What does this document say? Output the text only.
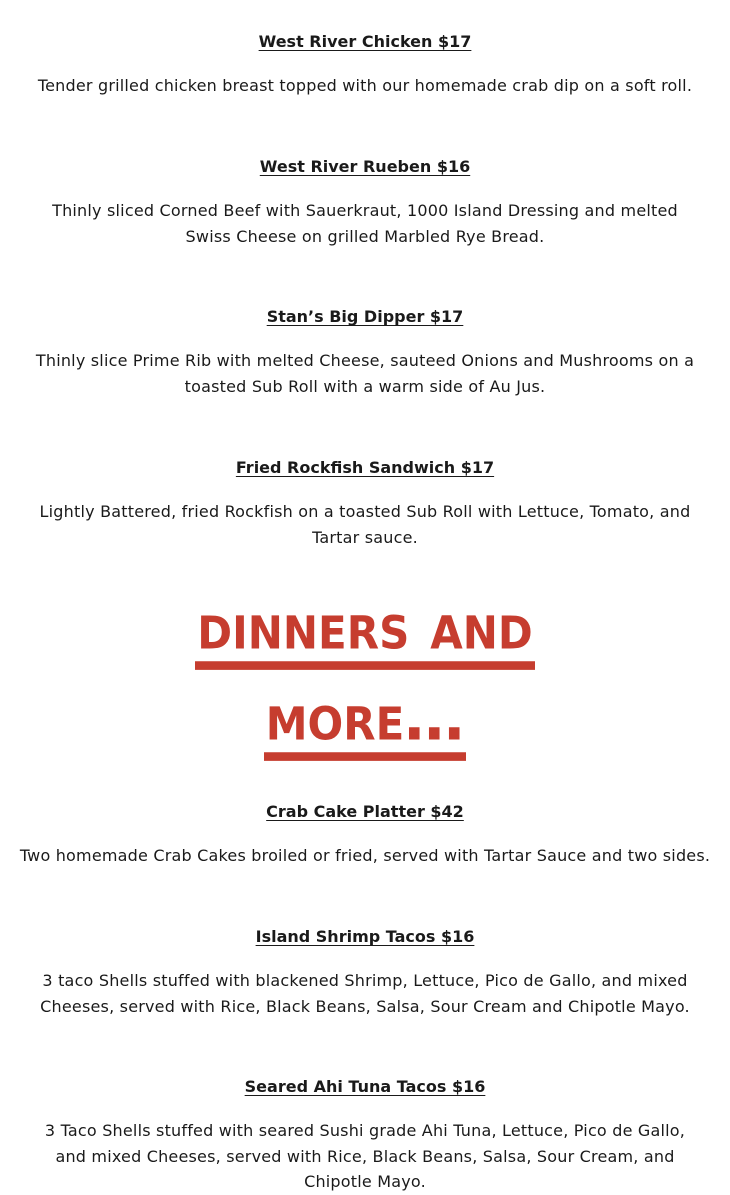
West River Chicken $17

Tender grilled chicken breast topped with our homemade crab dip on a soft roll.

West River Rueben $16

Thinly sliced Corned Beef with Sauerkraut, 1000 Island Dressing and melted Swiss Cheese on grilled Marbled Rye Bread.

Stan’s Big Dipper $17

Thinly slice Prime Rib with melted Cheese, sauteed Onions and Mushrooms on a toasted Sub Roll with a warm side of Au Jus.

Fried Rockfish Sandwich $17

Lightly Battered, fried Rockfish on a toasted Sub Roll with Lettuce, Tomato, and Tartar sauce.

dinners and
more…

Crab Cake Platter $42

Two homemade Crab Cakes broiled or fried, served with Tartar Sauce and two sides.

Island Shrimp Tacos $16

3 taco Shells stuffed with blackened Shrimp, Lettuce, Pico de Gallo, and mixed Cheeses, served with Rice, Black Beans, Salsa, Sour Cream and Chipotle Mayo.

Seared Ahi Tuna Tacos $16

3 Taco Shells stuffed with seared Sushi grade Ahi Tuna, Lettuce, Pico de Gallo, and mixed Cheeses, served with Rice, Black Beans, Salsa, Sour Cream, and Chipotle Mayo.
